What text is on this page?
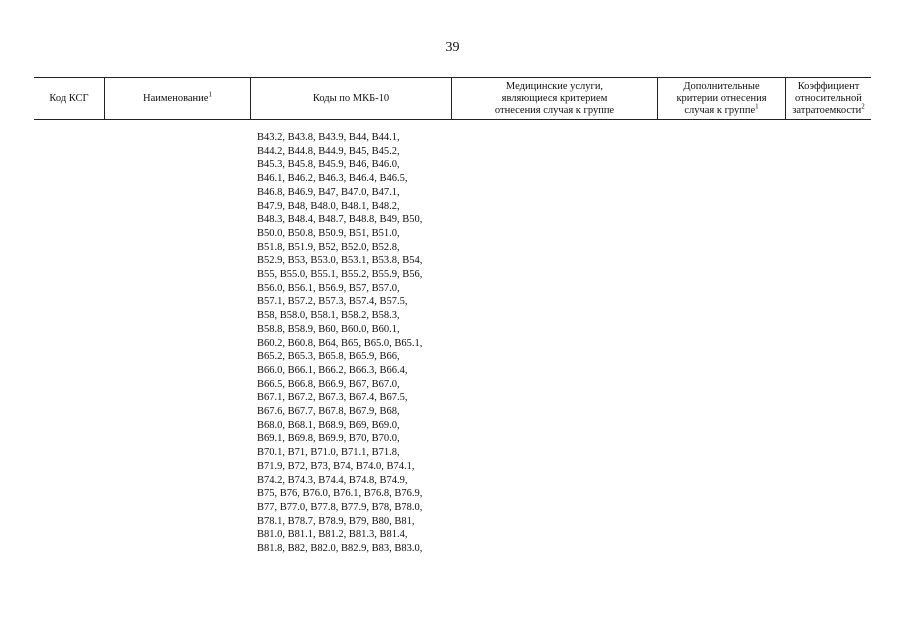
39
Код КСГ	Наименование$^1$	Коды по МКБ-10
Медицинские услуги,
являющиеся критерием
отнесения случая к группе
Дополнительные
критерии отнесения
случая к группе$^1$
Коэффициент
относительной
затратоемкости$^2$
B43.2, B43.8, B43.9, B44, B44.1,
B44.2, B44.8, B44.9, B45, B45.2,
B45.3, B45.8, B45.9, B46, B46.0,
B46.1, B46.2, B46.3, B46.4, B46.5,
B46.8, B46.9, B47, B47.0, B47.1,
B47.9, B48, B48.0, B48.1, B48.2,
B48.3, B48.4, B48.7, B48.8, B49, B50,
B50.0, B50.8, B50.9, B51, B51.0,
B51.8, B51.9, B52, B52.0, B52.8,
B52.9, B53, B53.0, B53.1, B53.8, B54,
B55, B55.0, B55.1, B55.2, B55.9, B56,
B56.0, B56.1, B56.9, B57, B57.0,
B57.1, B57.2, B57.3, B57.4, B57.5,
B58, B58.0, B58.1, B58.2, B58.3,
B58.8, B58.9, B60, B60.0, B60.1,
B60.2, B60.8, B64, B65, B65.0, B65.1,
B65.2, B65.3, B65.8, B65.9, B66,
B66.0, B66.1, B66.2, B66.3, B66.4,
B66.5, B66.8, B66.9, B67, B67.0,
B67.1, B67.2, B67.3, B67.4, B67.5,
B67.6, B67.7, B67.8, B67.9, B68,
B68.0, B68.1, B68.9, B69, B69.0,
B69.1, B69.8, B69.9, B70, B70.0,
B70.1, B71, B71.0, B71.1, B71.8,
B71.9, B72, B73, B74, B74.0, B74.1,
B74.2, B74.3, B74.4, B74.8, B74.9,
B75, B76, B76.0, B76.1, B76.8, B76.9,
B77, B77.0, B77.8, B77.9, B78, B78.0,
B78.1, B78.7, B78.9, B79, B80, B81,
B81.0, B81.1, B81.2, B81.3, B81.4,
B81.8, B82, B82.0, B82.9, B83, B83.0,
